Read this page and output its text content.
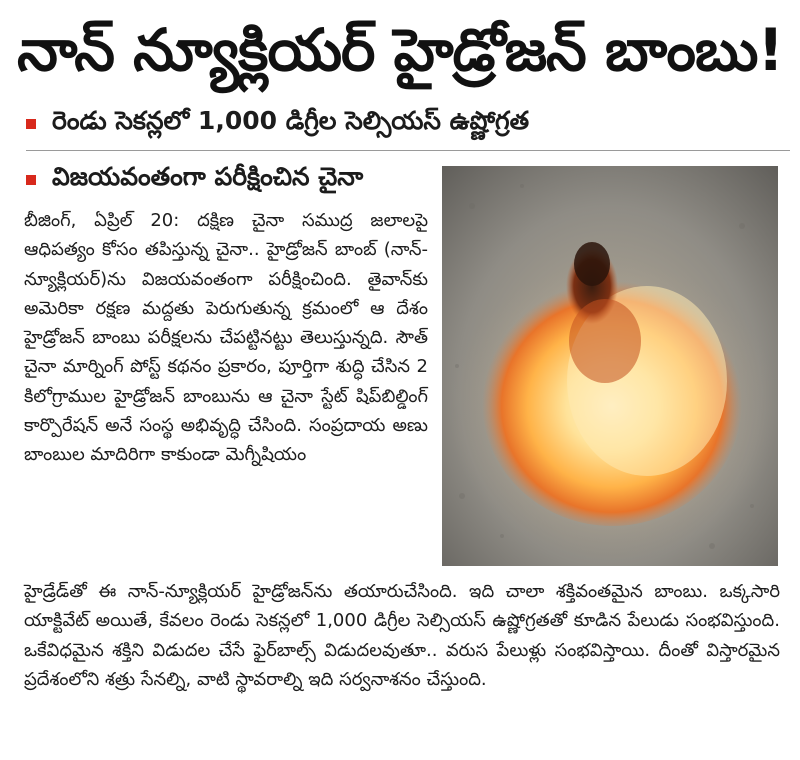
నాన్ న్యూక్లియర్ హైడ్రోజన్ బాంబు!
రెండు సెకన్లలో 1,000 డిగ్రీల సెల్సియస్ ఉష్ణోగ్రత
విజయవంతంగా పరీక్షించిన చైనా

బీజింగ్, ఏప్రిల్ 20: దక్షిణ చైనా సముద్ర జలాలపై ఆధిపత్యం కోసం తపిస్తున్న చైనా.. హైడ్రోజన్ బాంబ్ (నాన్-న్యూక్లియర్)ను విజయవంతంగా పరీక్షించింది. తైవాన్‌కు అమెరికా రక్షణ మద్దతు పెరుగుతున్న క్రమంలో ఆ దేశం హైడ్రోజన్ బాంబు పరీక్షలను చేపట్టినట్టు తెలుస్తున్నది. సౌత్ చైనా మార్నింగ్ పోస్ట్ కథనం ప్రకారం, పూర్తిగా శుద్ధి చేసిన 2 కిలోగ్రాముల హైడ్రోజన్ బాంబును ఆ చైనా స్టేట్ షిప్‌బిల్డింగ్ కార్పొరేషన్ అనే సంస్థ అభివృద్ధి చేసింది. సంప్రదాయ అణు బాంబుల మాదిరిగా కాకుండా మెగ్నీషియం

హైడ్రేడ్‌తో ఈ నాన్-న్యూక్లియర్ హైడ్రోజన్‌ను తయారుచేసింది. ఇది చాలా శక్తివంతమైన బాంబు. ఒక్కసారి యాక్టివేట్ అయితే, కేవలం రెండు సెకన్లలో 1,000 డిగ్రీల సెల్సియస్ ఉష్ణోగ్రతతో కూడిన పేలుడు సంభవిస్తుంది. ఒకేవిధమైన శక్తిని విడుదల చేసే ఫైర్‌బాల్స్ విడుదలవుతూ.. వరుస పేలుళ్లు సంభవిస్తాయి. దీంతో విస్తారమైన ప్రదేశంలోని శత్రు సేనల్ని, వాటి స్థావరాల్ని ఇది సర్వనాశనం చేస్తుంది.
